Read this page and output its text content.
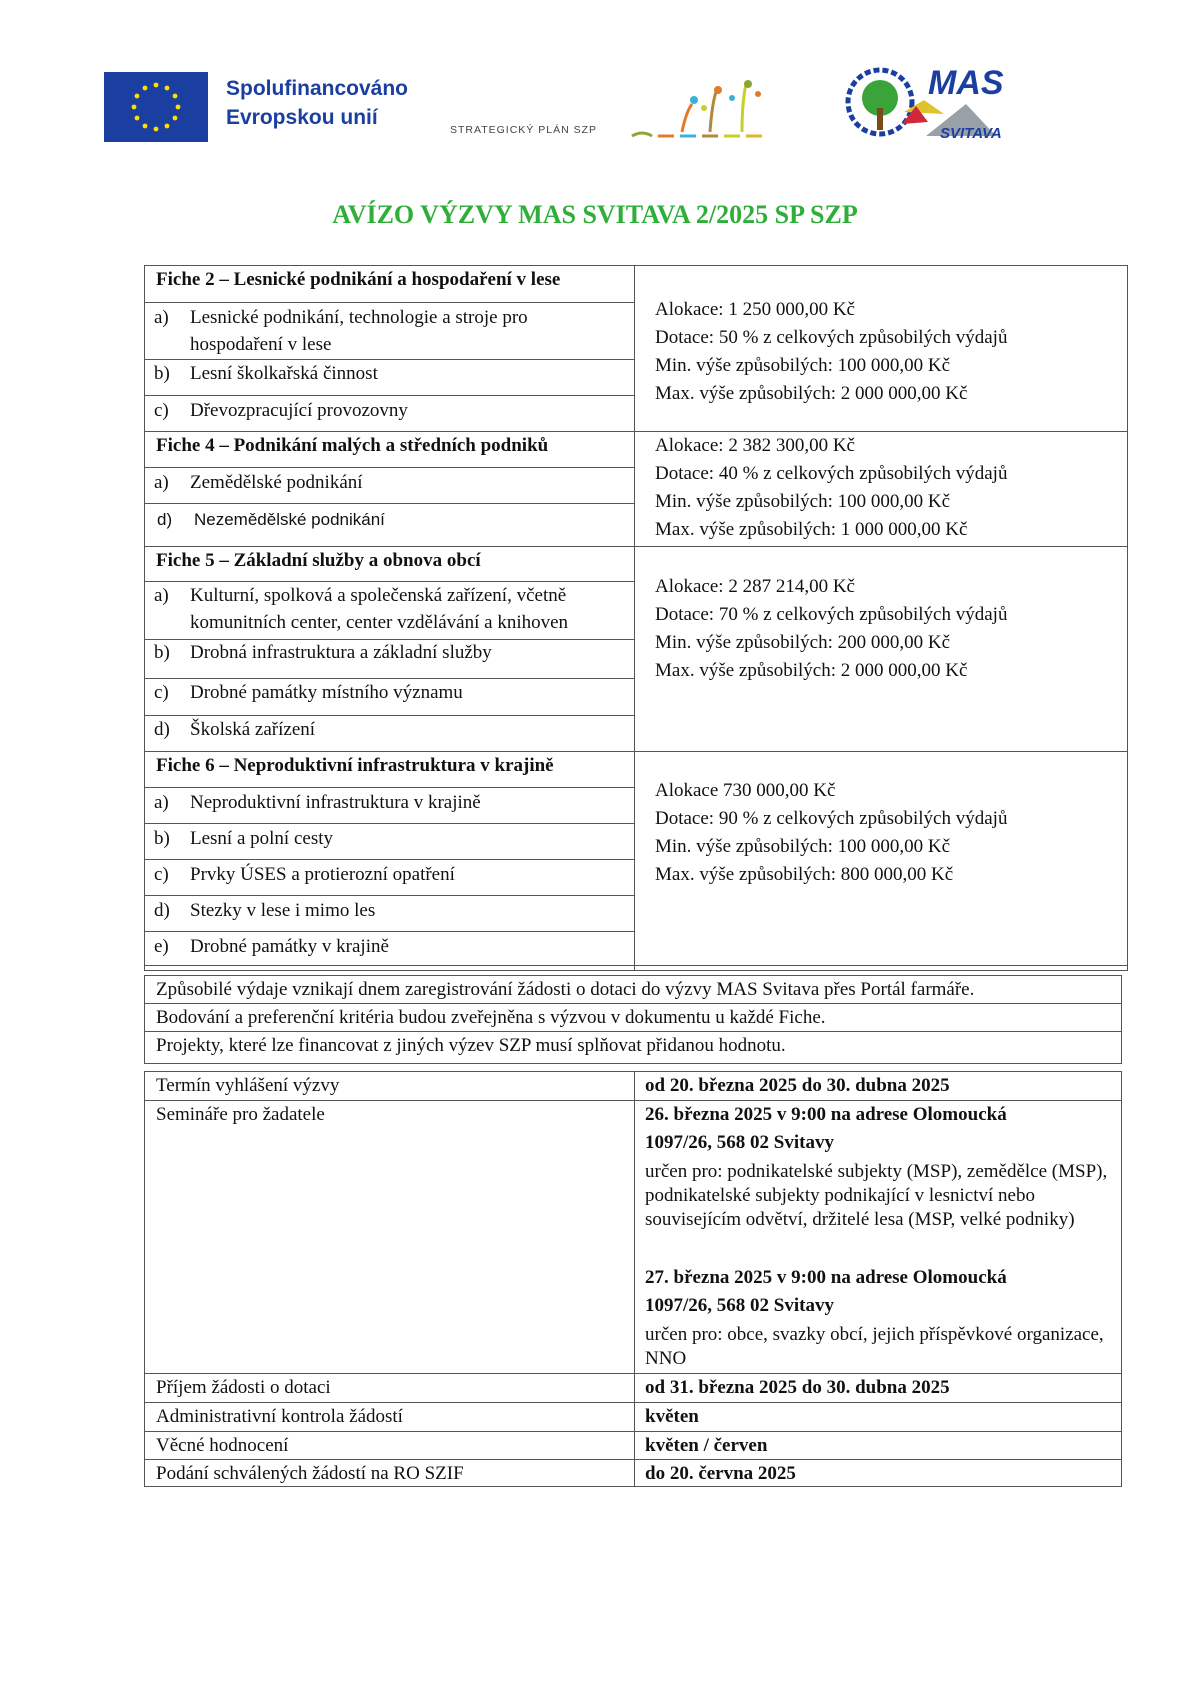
Spolufinancováno
Evropskou unií
STRATEGICKÝ PLÁN SZP
MAS
SVITAVA
AVÍZO VÝZVY MAS SVITAVA 2/2025 SP SZP
Fiche 2 – Lesnické podnikání a hospodaření v lese
a) Lesnické podnikání, technologie a stroje pro
hospodaření v lese
b) Lesní školkařská činnost
c) Dřevozpracující provozovny
Alokace: 1 250 000,00 Kč
Dotace: 50 % z celkových způsobilých výdajů
Min. výše způsobilých: 100 000,00 Kč
Max. výše způsobilých: 2 000 000,00 Kč
Fiche 4 – Podnikání malých a středních podniků
a) Zemědělské podnikání
d) Nezemědělské podnikání
Alokace: 2 382 300,00 Kč
Dotace: 40 % z celkových způsobilých výdajů
Min. výše způsobilých: 100 000,00 Kč
Max. výše způsobilých: 1 000 000,00 Kč
Fiche 5 – Základní služby a obnova obcí
a) Kulturní, spolková a společenská zařízení, včetně
komunitních center, center vzdělávání a knihoven
b) Drobná infrastruktura a základní služby
c) Drobné památky místního významu
d) Školská zařízení
Alokace: 2 287 214,00 Kč
Dotace: 70 % z celkových způsobilých výdajů
Min. výše způsobilých: 200 000,00 Kč
Max. výše způsobilých: 2 000 000,00 Kč
Fiche 6 – Neproduktivní infrastruktura v krajině
a) Neproduktivní infrastruktura v krajině
b) Lesní a polní cesty
c) Prvky ÚSES a protierozní opatření
d) Stezky v lese i mimo les
e) Drobné památky v krajině
Alokace 730 000,00 Kč
Dotace: 90 % z celkových způsobilých výdajů
Min. výše způsobilých: 100 000,00 Kč
Max. výše způsobilých: 800 000,00 Kč
Způsobilé výdaje vznikají dnem zaregistrování žádosti o dotaci do výzvy MAS Svitava přes Portál farmáře.
Bodování a preferenční kritéria budou zveřejněna s výzvou v dokumentu u každé Fiche.
Projekty, které lze financovat z jiných výzev SZP musí splňovat přidanou hodnotu.
Termín vyhlášení výzvy	od 20. března 2025 do 30. dubna 2025
Semináře pro žadatele	26. března 2025 v 9:00 na adrese Olomoucká
1097/26, 568 02 Svitavy
určen pro: podnikatelské subjekty (MSP), zemědělce (MSP), podnikatelské subjekty podnikající v lesnictví nebo souvisejícím odvětví, držitelé lesa (MSP, velké podniky)
27. března 2025 v 9:00 na adrese Olomoucká
1097/26, 568 02 Svitavy
určen pro: obce, svazky obcí, jejich příspěvkové organizace, NNO
Příjem žádosti o dotaci	od 31. března 2025 do 30. dubna 2025
Administrativní kontrola žádostí	květen
Věcné hodnocení	květen / červen
Podání schválených žádostí na RO SZIF	do 20. června 2025
